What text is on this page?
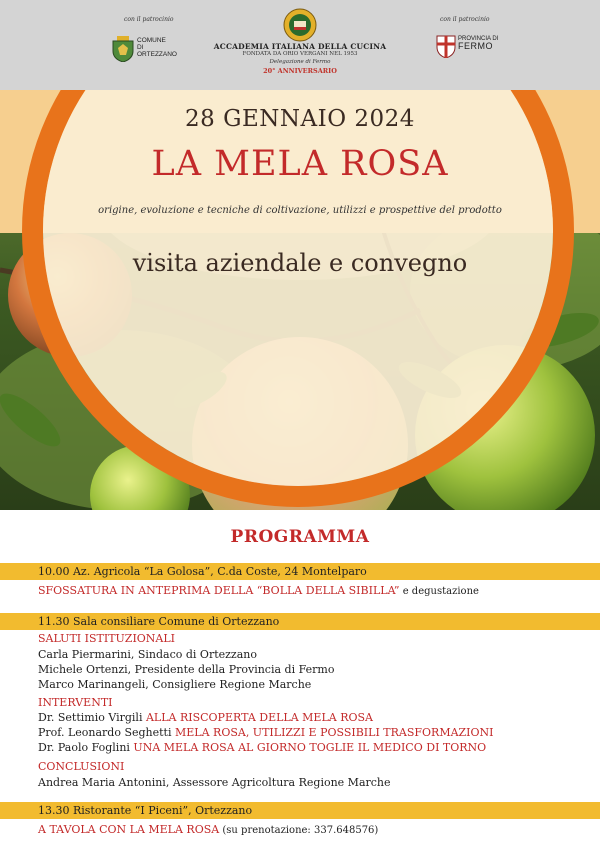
con il patrocinio	con il patrocinio
COMUNE
DI
ORTEZZANO
ACCADEMIA ITALIANA DELLA CUCINA
FONDATA DA ORIO VERGANI NEL 1953
Delegazione di Fermo
20° ANNIVERSARIO
PROVINCIA DI
FERMO
28 GENNAIO 2024
LA MELA ROSA
origine, evoluzione e tecniche di coltivazione, utilizzi e prospettive del prodotto
visita aziendale e convegno
PROGRAMMA
10.00 Az. Agricola “La Golosa”, C.da Coste, 24 Montelparo
SFOSSATURA IN ANTEPRIMA DELLA “BOLLA DELLA SIBILLA” e degustazione
11.30 Sala consiliare Comune di Ortezzano
SALUTI ISTITUZIONALI
Carla Piermarini, Sindaco di Ortezzano
Michele Ortenzi, Presidente della Provincia di Fermo
Marco Marinangeli, Consigliere Regione Marche
INTERVENTI
Dr. Settimio Virgili ALLA RISCOPERTA DELLA MELA ROSA
Prof. Leonardo Seghetti MELA ROSA, UTILIZZI E POSSIBILI TRASFORMAZIONI
Dr. Paolo Foglini UNA MELA ROSA AL GIORNO TOGLIE IL MEDICO DI TORNO
CONCLUSIONI
Andrea Maria Antonini, Assessore Agricoltura Regione Marche
13.30 Ristorante “I Piceni”, Ortezzano
A TAVOLA CON LA MELA ROSA (su prenotazione: 337.648576)
